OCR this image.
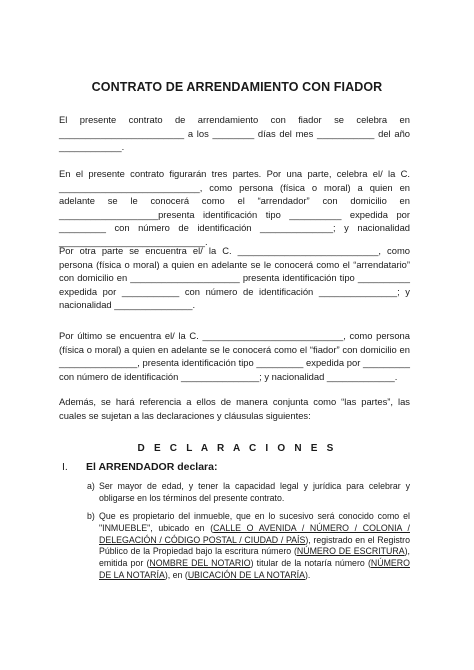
CONTRATO DE ARRENDAMIENTO CON FIADOR

El presente contrato de arrendamiento con fiador se celebra en ________________________ a los ________ días del mes ___________ del año ____________.

En el presente contrato figurarán tres partes. Por una parte, celebra el/ la C. ___________________________, como persona (física o moral) a quien en adelante se le conocerá como el “arrendador” con domicilio en ___________________presenta identificación tipo __________ expedida por _________ con número de identificación ______________; y nacionalidad ____________________________.

Por otra parte se encuentra el/ la C. ___________________________, como persona (física o moral) a quien en adelante se le conocerá como el “arrendatario” con domicilio en _____________________ presenta identificación tipo __________ expedida por ___________ con número de identificación _______________; y nacionalidad _______________.

Por último se encuentra el/ la C. ___________________________, como persona (física o moral) a quien en adelante se le conocerá como el “fiador” con domicilio en _______________, presenta identificación tipo _________ expedida por _________ con número de identificación _______________; y nacionalidad _____________.

Además, se hará referencia a ellos de manera conjunta como “las partes”, las cuales se sujetan a las declaraciones y cláusulas siguientes:

D E C L A R A C I O N E S
I. El ARRENDADOR declara:
a) Ser mayor de edad, y tener la capacidad legal y jurídica para celebrar y obligarse en los términos del presente contrato.
b) Que es propietario del inmueble, que en lo sucesivo será conocido como el "INMUEBLE", ubicado en (CALLE O AVENIDA / NÚMERO / COLONIA / DELEGACIÓN / CÓDIGO POSTAL / CIUDAD / PAÍS), registrado en el Registro Público de la Propiedad bajo la escritura número (NÚMERO DE ESCRITURA), emitida por (NOMBRE DEL NOTARIO) titular de la notaría número (NÚMERO DE LA NOTARÍA), en (UBICACIÓN DE LA NOTARÍA).
